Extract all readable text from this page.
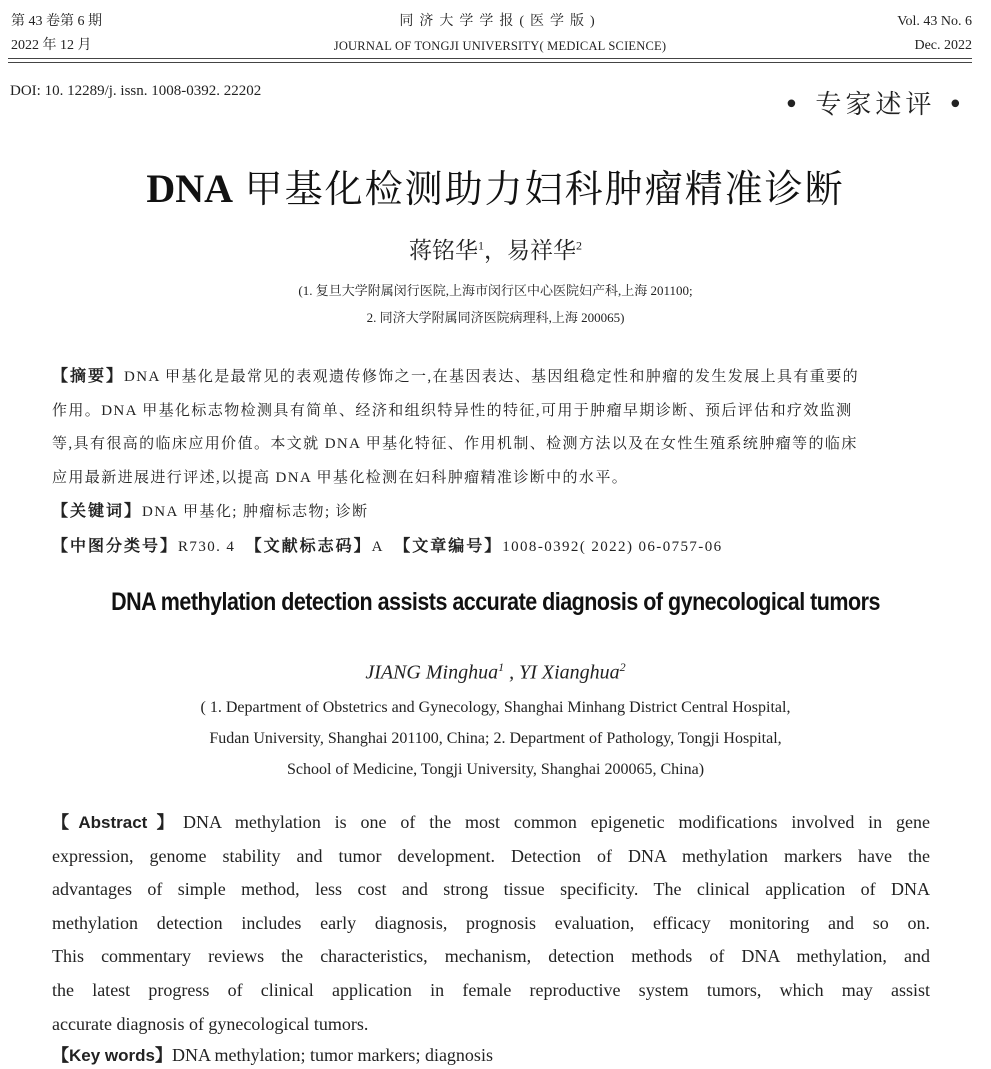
第 43 卷第 6 期
2022 年 12 月
同济大学学报(医学版)
JOURNAL OF TONGJI UNIVERSITY( MEDICAL SCIENCE)
Vol. 43 No. 6
Dec. 2022
DOI: 10. 12289/j. issn. 1008-0392. 22202	• 专家述评 •
DNA 甲基化检测助力妇科肿瘤精准诊断
蒋铭华$^1$，易祥华$^2$
(1. 复旦大学附属闵行医院,上海市闵行区中心医院妇产科,上海 201100;
2. 同济大学附属同济医院病理科,上海 200065)
【摘要】DNA 甲基化是最常见的表观遗传修饰之一,在基因表达、基因组稳定性和肿瘤的发生发展上具有重要的
作用。DNA 甲基化标志物检测具有简单、经济和组织特异性的特征,可用于肿瘤早期诊断、预后评估和疗效监测
等,具有很高的临床应用价值。本文就 DNA 甲基化特征、作用机制、检测方法以及在女性生殖系统肿瘤等的临床
应用最新进展进行评述,以提高 DNA 甲基化检测在妇科肿瘤精准诊断中的水平。
【关键词】DNA 甲基化; 肿瘤标志物; 诊断
【中图分类号】R730. 4 【文献标志码】A 【文章编号】1008-0392( 2022) 06-0757-06
DNA methylation detection assists accurate diagnosis of gynecological tumors
JIANG Minghua$^1$ , YI Xianghua$^2$
( 1. Department of Obstetrics and Gynecology, Shanghai Minhang District Central Hospital,
Fudan University, Shanghai 201100, China; 2. Department of Pathology, Tongji Hospital,
School of Medicine, Tongji University, Shanghai 200065, China)
【Abstract】DNA methylation is one of the most common epigenetic modifications involved in gene
expression, genome stability and tumor development. Detection of DNA methylation markers have the
advantages of simple method, less cost and strong tissue specificity. The clinical application of DNA
methylation detection includes early diagnosis, prognosis evaluation, efficacy monitoring and so on.
This commentary reviews the characteristics, mechanism, detection methods of DNA methylation, and
the latest progress of clinical application in female reproductive system tumors, which may assist
accurate diagnosis of gynecological tumors.
【Key words】DNA methylation; tumor markers; diagnosis
